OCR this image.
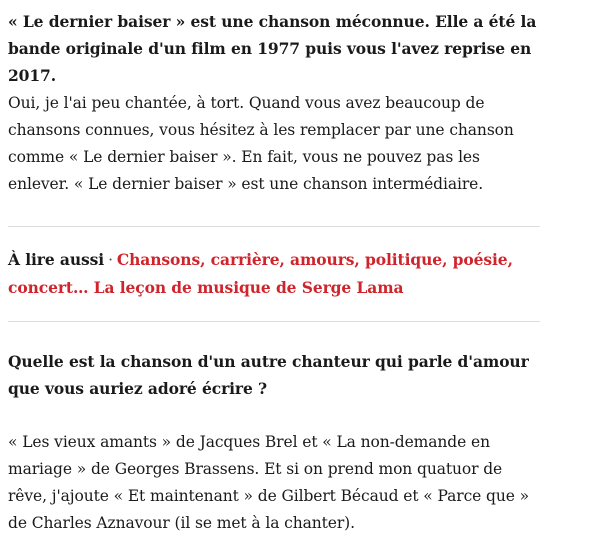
« Le dernier baiser » est une chanson méconnue. Elle a été la bande originale d'un film en 1977 puis vous l'avez reprise en 2017.

Oui, je l'ai peu chantée, à tort. Quand vous avez beaucoup de chansons connues, vous hésitez à les remplacer par une chanson comme « Le dernier baiser ». En fait, vous ne pouvez pas les enlever. « Le dernier baiser » est une chanson intermédiaire.

À lire aussi · Chansons, carrière, amours, politique, poésie, concert… La leçon de musique de Serge Lama

Quelle est la chanson d'un autre chanteur qui parle d'amour que vous auriez adoré écrire ?

« Les vieux amants » de Jacques Brel et « La non-demande en mariage » de Georges Brassens. Et si on prend mon quatuor de rêve, j'ajoute « Et maintenant » de Gilbert Bécaud et « Parce que » de Charles Aznavour (il se met à la chanter).
